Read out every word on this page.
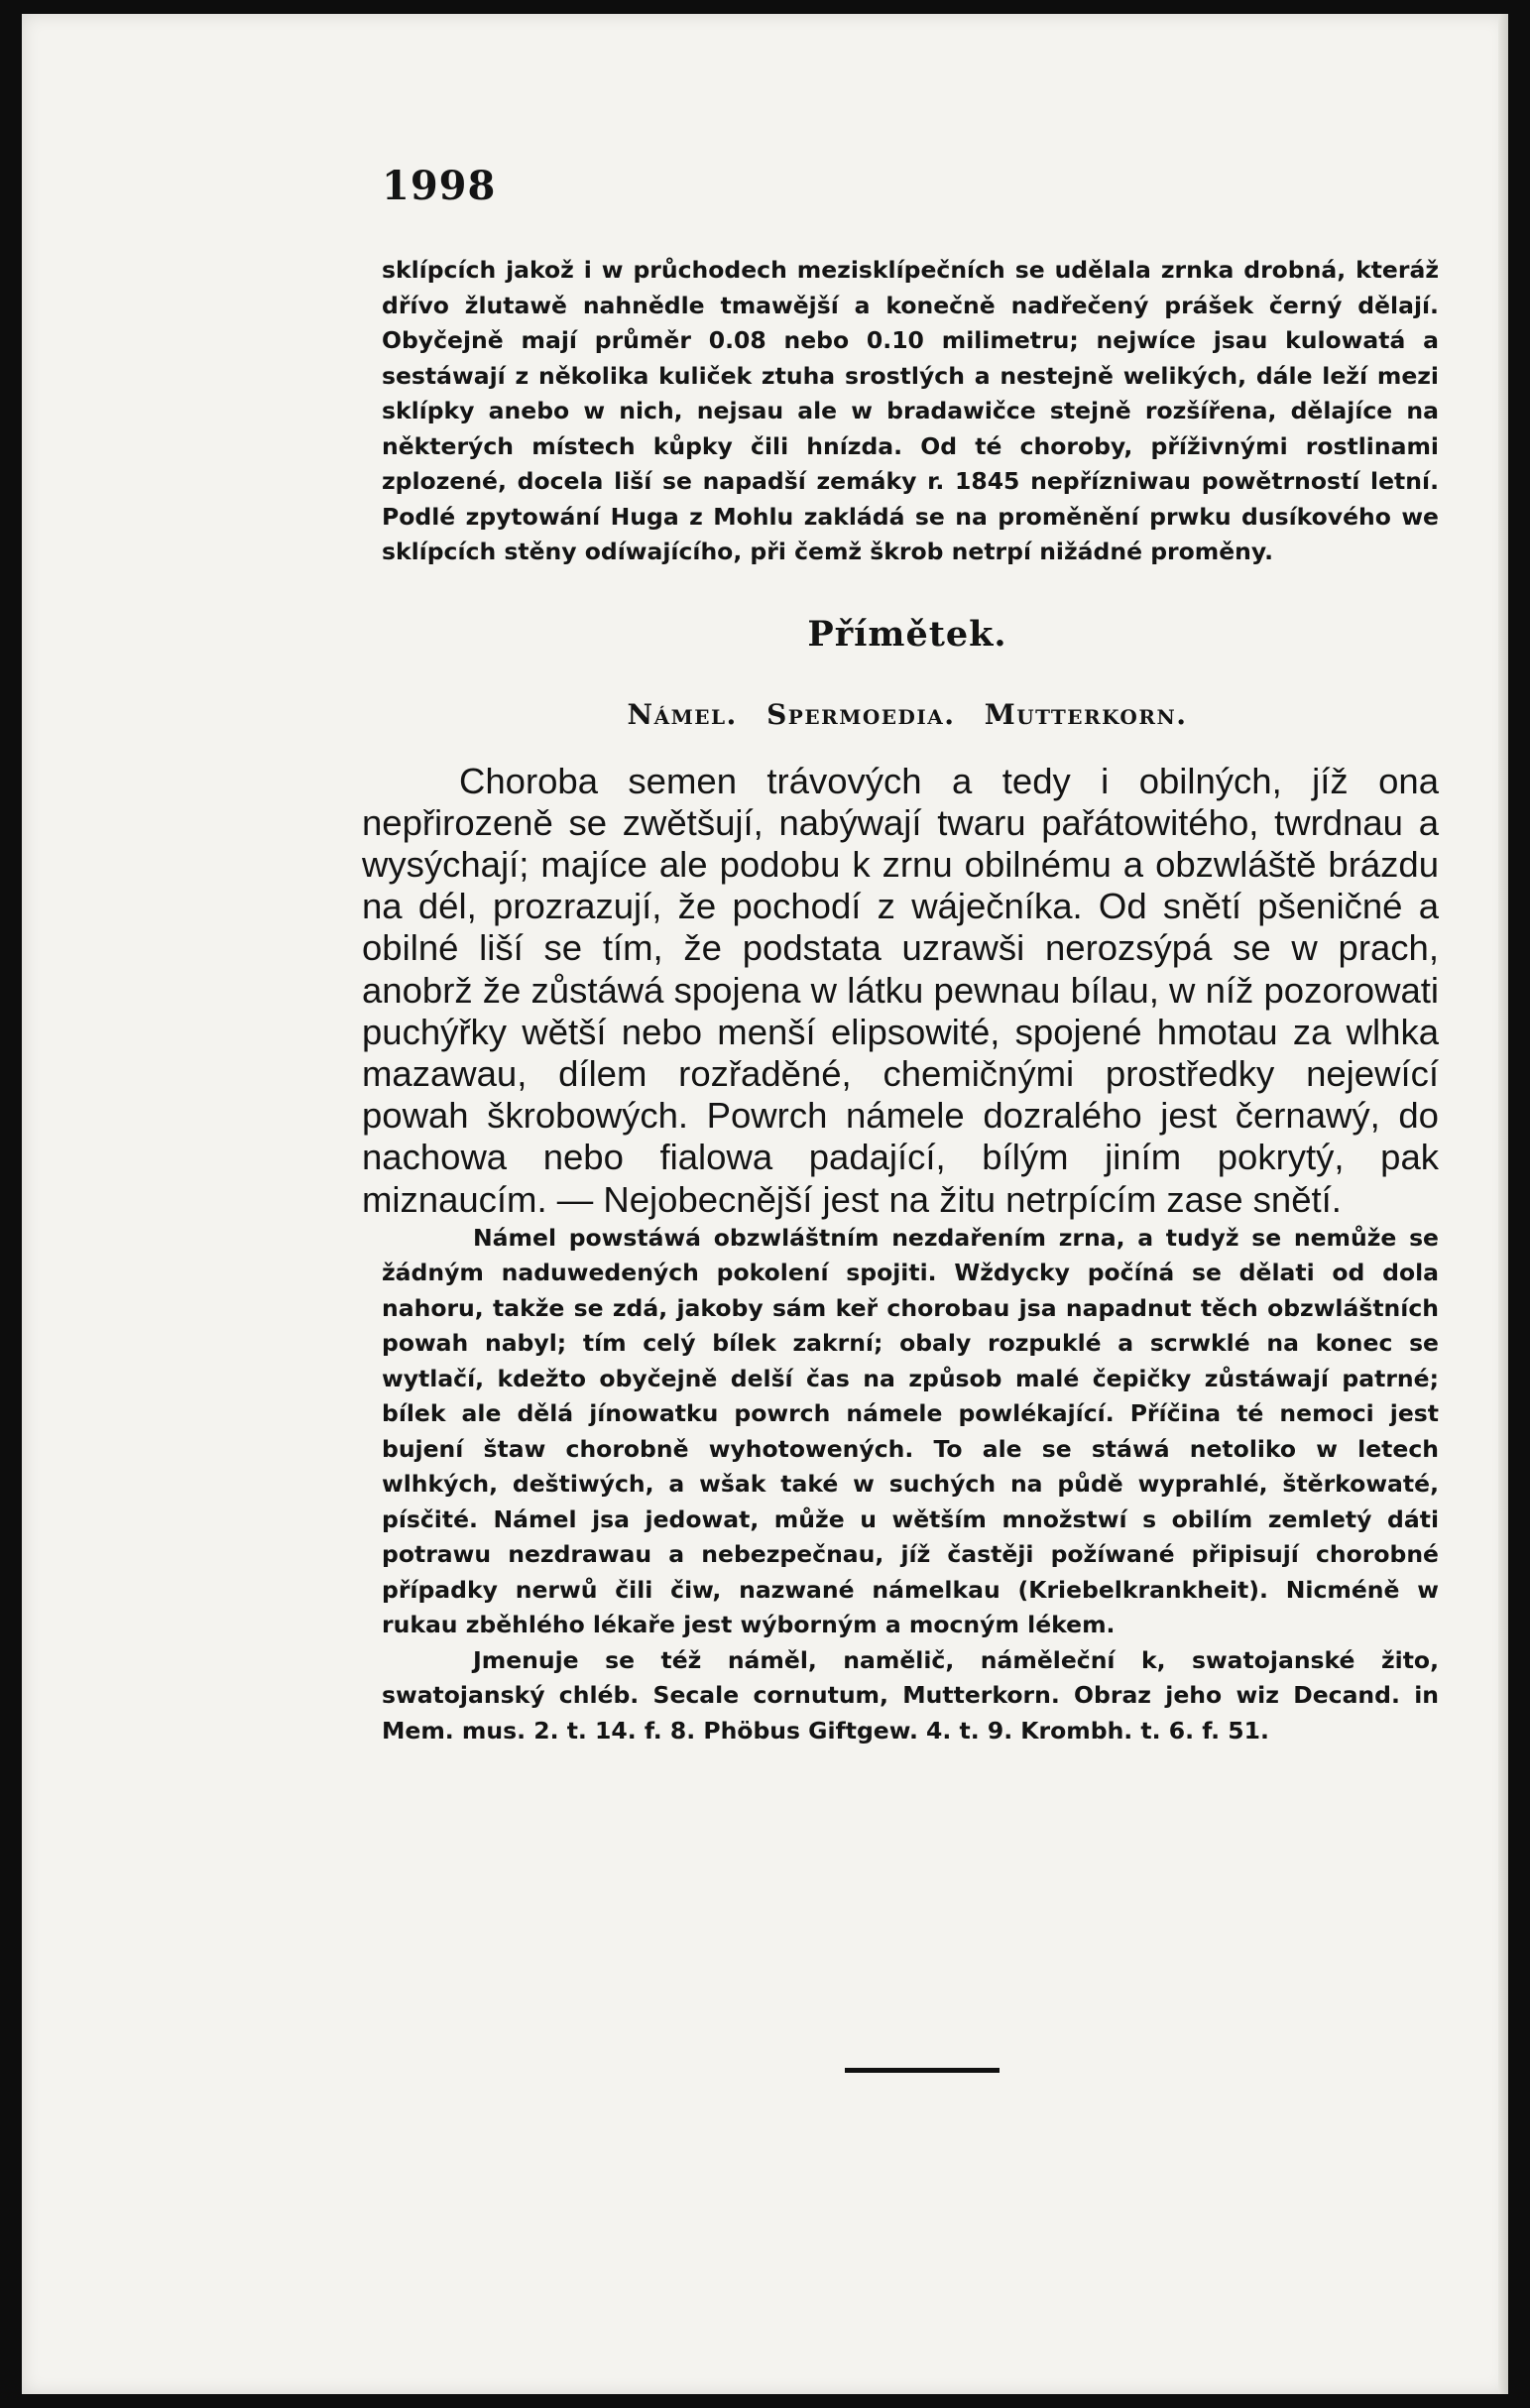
1998

sklípcích jakož i w průchodech mezisklípečních se udělala zrnka drobná, kteráž dřívo žlutawě nahnědle tmawější a konečně nadřečený prášek černý dělají. Obyčejně mají průměr 0.08 nebo 0.10 milimetru; nejwíce jsau kulowatá a sestáwají z několika kuliček ztuha srostlých a nestejně welikých, dále leží mezi sklípky anebo w nich, nejsau ale w bradawičce stejně rozšířena, dělajíce na některých místech kůpky čili hnízda. Od té choroby, příživnými rostlinami zplozené, docela liší se napadší zemáky r. 1845 nepřízniwau powětrností letní. Podlé zpytowání Huga z Mohlu zakládá se na proměnění prwku dusíkového we sklípcích stěny odíwajícího, při čemž škrob netrpí nižádné proměny.

Přímětek.
Námel. Spermoedia. Mutterkorn.

Choroba semen trávových a tedy i obilných, jíž ona nepřirozeně se zwětšují, nabýwají twaru pařátowitého, twrdnau a wysýchají; majíce ale podobu k zrnu obilnému a obzwláště brázdu na dél, prozrazují, že pochodí z wáječníka. Od snětí pšeničné a obilné liší se tím, že podstata uzrawši nerozsýpá se w prach, anobrž že zůstáwá spojena w látku pewnau bílau, w níž pozorowati puchýřky wětší nebo menší elipsowité, spojené hmotau za wlhka mazawau, dílem rozřaděné, chemičnými prostředky nejewící powah škrobowých. Powrch námele dozralého jest černawý, do nachowa nebo fialowa padající, bílým jiním pokrytý, pak miznaucím. — Nejobecnější jest na žitu netrpícím zase snětí.

Námel powstáwá obzwláštním nezdařením zrna, a tudyž se nemůže se žádným naduwedených pokolení spojiti. Wždycky počíná se dělati od dola nahoru, takže se zdá, jakoby sám keř chorobau jsa napadnut těch obzwláštních powah nabyl; tím celý bílek zakrní; obaly rozpuklé a scrwklé na konec se wytlačí, kdežto obyčejně delší čas na způsob malé čepičky zůstáwají patrné; bílek ale dělá jínowatku powrch námele powlékající. Příčina té nemoci jest bujení štaw chorobně wyhotowených. To ale se stáwá netoliko w letech wlhkých, deštiwých, a wšak také w suchých na půdě wyprahlé, štěrkowaté, písčité. Námel jsa jedowat, může u wětším množstwí s obilím zemletý dáti potrawu nezdrawau a nebezpečnau, jíž častěji požíwané připisují chorobné případky nerwů čili čiw, nazwané námelkau (Kriebelkrankheit). Nicméně w rukau zběhlého lékaře jest wýborným a mocným lékem.

Jmenuje se též náměl, namělič, náměleční k, swatojanské žito, swatojanský chléb. Secale cornutum, Mutterkorn. Obraz jeho wiz Decand. in Mem. mus. 2. t. 14. f. 8. Phöbus Giftgew. 4. t. 9. Krombh. t. 6. f. 51.
